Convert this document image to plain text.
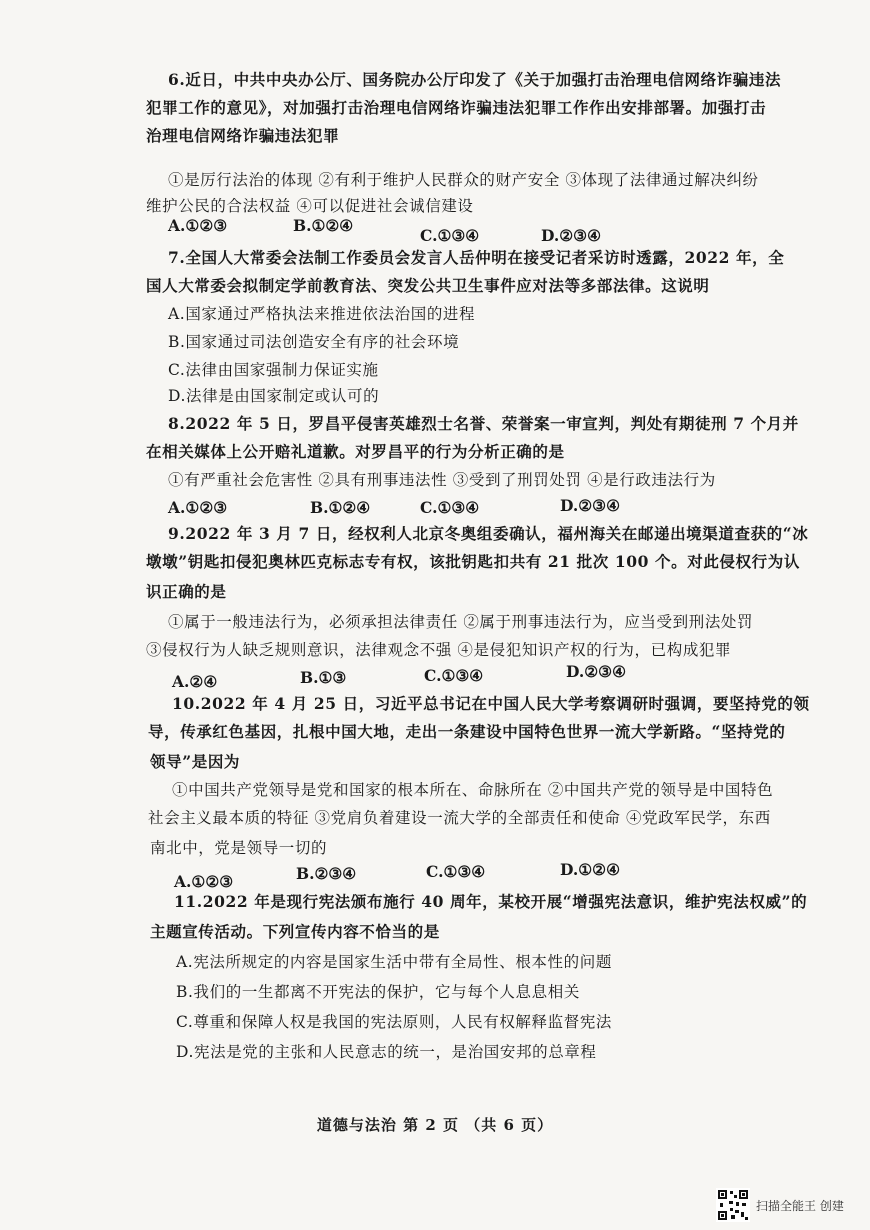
6.近日，中共中央办公厅、国务院办公厅印发了《关于加强打击治理电信网络诈骗违法
犯罪工作的意见》，对加强打击治理电信网络诈骗违法犯罪工作作出安排部署。加强打击
治理电信网络诈骗违法犯罪
①是厉行法治的体现 ②有利于维护人民群众的财产安全 ③体现了法律通过解决纠纷
维护公民的合法权益 ④可以促进社会诚信建设
A.①②③	B.①②④
C.①③④	D.②③④
7.全国人大常委会法制工作委员会发言人岳仲明在接受记者采访时透露，2022 年，全
国人大常委会拟制定学前教育法、突发公共卫生事件应对法等多部法律。这说明
A.国家通过严格执法来推进依法治国的进程
B.国家通过司法创造安全有序的社会环境
C.法律由国家强制力保证实施
D.法律是由国家制定或认可的
8.2022 年 5 日，罗昌平侵害英雄烈士名誉、荣誉案一审宣判，判处有期徒刑 7 个月并
在相关媒体上公开赔礼道歉。对罗昌平的行为分析正确的是
①有严重社会危害性 ②具有刑事违法性 ③受到了刑罚处罚 ④是行政违法行为
A.①②③	B.①②④	C.①③④	D.②③④
9.2022 年 3 月 7 日，经权利人北京冬奥组委确认，福州海关在邮递出境渠道查获的“冰
墩墩”钥匙扣侵犯奥林匹克标志专有权，该批钥匙扣共有 21 批次 100 个。对此侵权行为认
识正确的是
①属于一般违法行为，必须承担法律责任 ②属于刑事违法行为，应当受到刑法处罚
③侵权行为人缺乏规则意识，法律观念不强 ④是侵犯知识产权的行为，已构成犯罪
A.②④	B.①③	C.①③④	D.②③④
10.2022 年 4 月 25 日，习近平总书记在中国人民大学考察调研时强调，要坚持党的领
导，传承红色基因，扎根中国大地，走出一条建设中国特色世界一流大学新路。“坚持党的
领导”是因为
①中国共产党领导是党和国家的根本所在、命脉所在 ②中国共产党的领导是中国特色
社会主义最本质的特征 ③党肩负着建设一流大学的全部责任和使命 ④党政军民学，东西
南北中，党是领导一切的
A.①②③	B.②③④	C.①③④	D.①②④
11.2022 年是现行宪法颁布施行 40 周年，某校开展“增强宪法意识，维护宪法权威”的
主题宣传活动。下列宣传内容不恰当的是
A.宪法所规定的内容是国家生活中带有全局性、根本性的问题
B.我们的一生都离不开宪法的保护，它与每个人息息相关
C.尊重和保障人权是我国的宪法原则，人民有权解释监督宪法
D.宪法是党的主张和人民意志的统一，是治国安邦的总章程
道德与法治 第 2 页 （共 6 页）
扫描全能王 创建
